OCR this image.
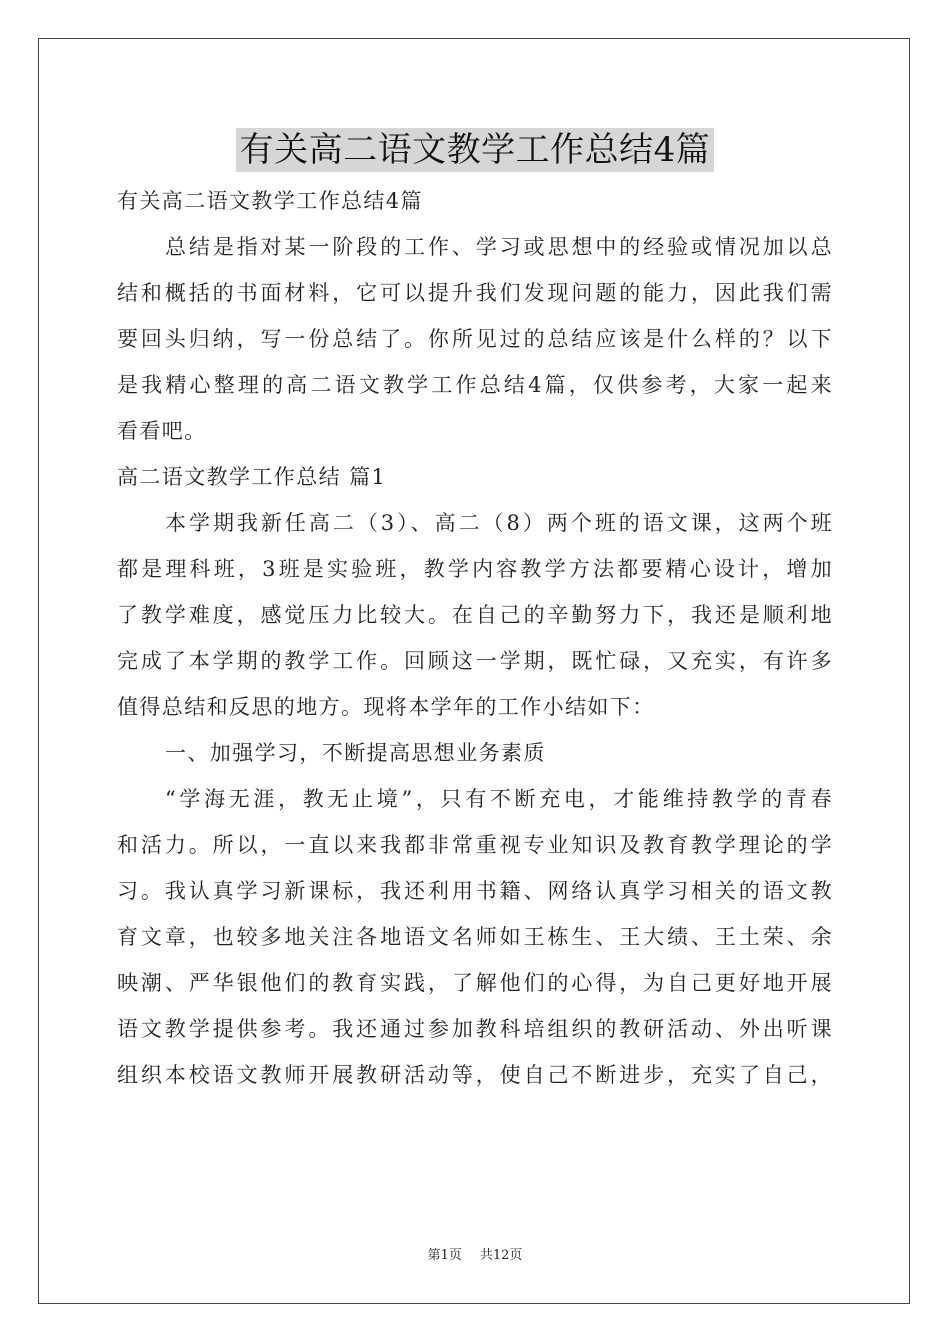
有关高二语文教学工作总结4篇
有关高二语文教学工作总结4篇
总结是指对某一阶段的工作、学习或思想中的经验或情况加以总
结和概括的书面材料，它可以提升我们发现问题的能力，因此我们需
要回头归纳，写一份总结了。你所见过的总结应该是什么样的？以下
是我精心整理的高二语文教学工作总结4篇，仅供参考，大家一起来
看看吧。
高二语文教学工作总结 篇1
本学期我新任高二（3）、高二（8）两个班的语文课，这两个班
都是理科班，3班是实验班，教学内容教学方法都要精心设计，增加
了教学难度，感觉压力比较大。在自己的辛勤努力下，我还是顺利地
完成了本学期的教学工作。回顾这一学期，既忙碌，又充实，有许多
值得总结和反思的地方。现将本学年的工作小结如下：
一、加强学习，不断提高思想业务素质
“学海无涯，教无止境”，只有不断充电，才能维持教学的青春
和活力。所以，一直以来我都非常重视专业知识及教育教学理论的学
习。我认真学习新课标，我还利用书籍、网络认真学习相关的语文教
育文章，也较多地关注各地语文名师如王栋生、王大绩、王土荣、余
映潮、严华银他们的教育实践，了解他们的心得，为自己更好地开展
语文教学提供参考。我还通过参加教科培组织的教研活动、外出听课
组织本校语文教师开展教研活动等，使自己不断进步，充实了自己，
第1页 共12页
